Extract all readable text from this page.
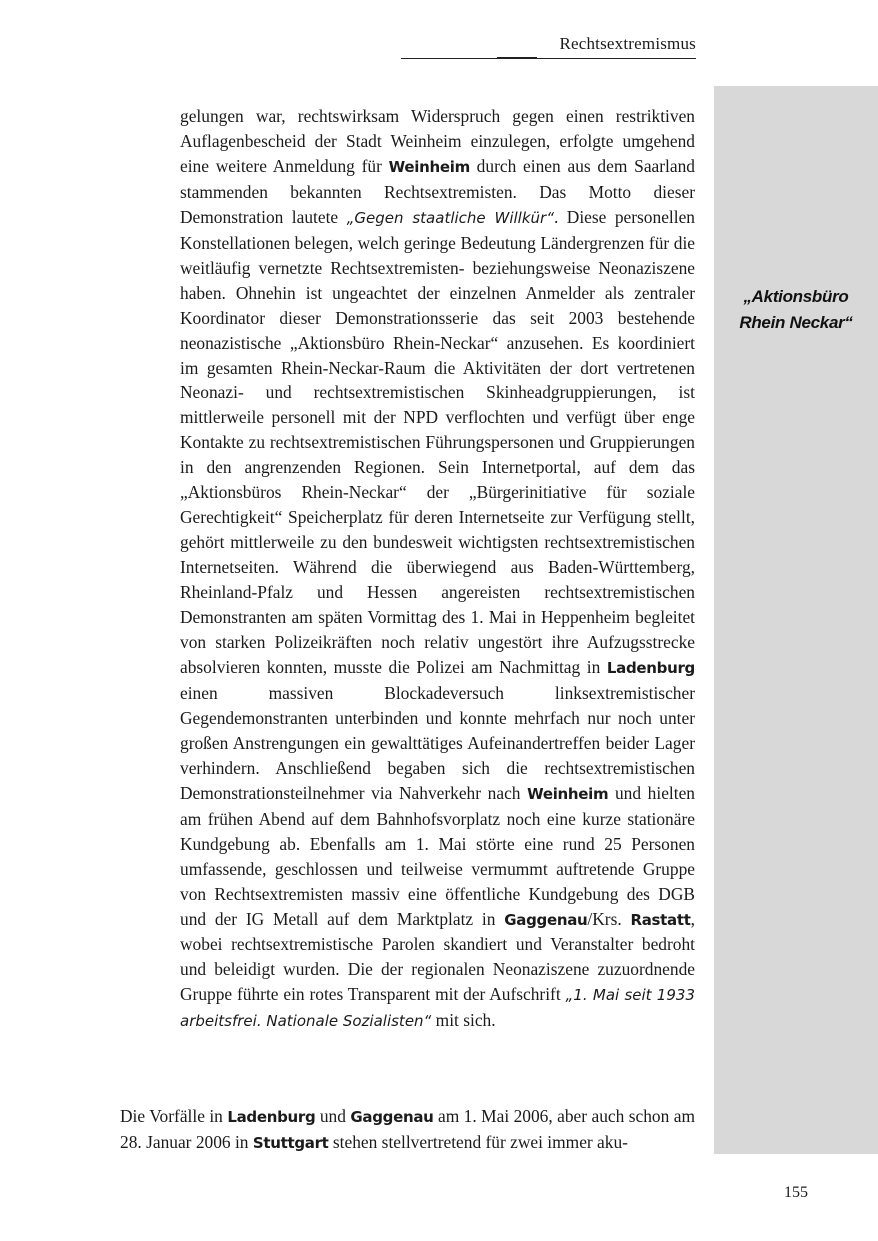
Rechtsextremismus
„Aktionsbüro
Rhein Neckar“

gelungen war, rechtswirksam Widerspruch gegen einen restriktiven Auflagenbescheid der Stadt Weinheim einzulegen, erfolgte umgehend eine weitere Anmeldung für Weinheim durch einen aus dem Saarland stammenden bekannten Rechtsextremisten. Das Motto dieser Demonstration lautete „Gegen staatliche Willkür“. Diese personellen Konstellationen belegen, welch geringe Bedeutung Ländergrenzen für die weitläufig vernetzte Rechtsextremisten- beziehungsweise Neonaziszene haben. Ohnehin ist ungeachtet der einzelnen Anmelder als zentraler Koordinator dieser Demonstrationsserie das seit 2003 bestehende neonazistische „Aktionsbüro Rhein-Neckar“ anzusehen. Es koordiniert im gesamten Rhein-Neckar-Raum die Aktivitäten der dort vertretenen Neonazi- und rechtsextremistischen Skinheadgruppierungen, ist mittlerweile personell mit der NPD verflochten und verfügt über enge Kontakte zu rechtsextremistischen Führungspersonen und Gruppierungen in den angrenzenden Regionen. Sein Internetportal, auf dem das „Aktionsbüros Rhein-Neckar“ der „Bürgerinitiative für soziale Gerechtigkeit“ Speicherplatz für deren Internetseite zur Verfügung stellt, gehört mittlerweile zu den bundesweit wichtigsten rechtsextremistischen Internetseiten. Während die überwiegend aus Baden-Württemberg, Rheinland-Pfalz und Hessen angereisten rechtsextremistischen Demonstranten am späten Vormittag des 1. Mai in Heppenheim begleitet von starken Polizeikräften noch relativ ungestört ihre Aufzugsstrecke absolvieren konnten, musste die Polizei am Nachmittag in Ladenburg einen massiven Blockadeversuch linksextremistischer Gegendemonstranten unterbinden und konnte mehrfach nur noch unter großen Anstrengungen ein gewalttätiges Aufeinandertreffen beider Lager verhindern. Anschließend begaben sich die rechtsextremistischen Demonstrationsteilnehmer via Nahverkehr nach Weinheim und hielten am frühen Abend auf dem Bahnhofsvorplatz noch eine kurze stationäre Kundgebung ab. Ebenfalls am 1. Mai störte eine rund 25 Personen umfassende, geschlossen und teilweise vermummt auftretende Gruppe von Rechtsextremisten massiv eine öffentliche Kundgebung des DGB und der IG Metall auf dem Marktplatz in Gaggenau/Krs. Rastatt, wobei rechtsextremistische Parolen skandiert und Veranstalter bedroht und beleidigt wurden. Die der regionalen Neonaziszene zuzuordnende Gruppe führte ein rotes Transparent mit der Aufschrift „1. Mai seit 1933 arbeitsfrei. Nationale Sozialisten“ mit sich.

Die Vorfälle in Ladenburg und Gaggenau am 1. Mai 2006, aber auch schon am 28. Januar 2006 in Stuttgart stehen stellvertretend für zwei immer aku-

155
